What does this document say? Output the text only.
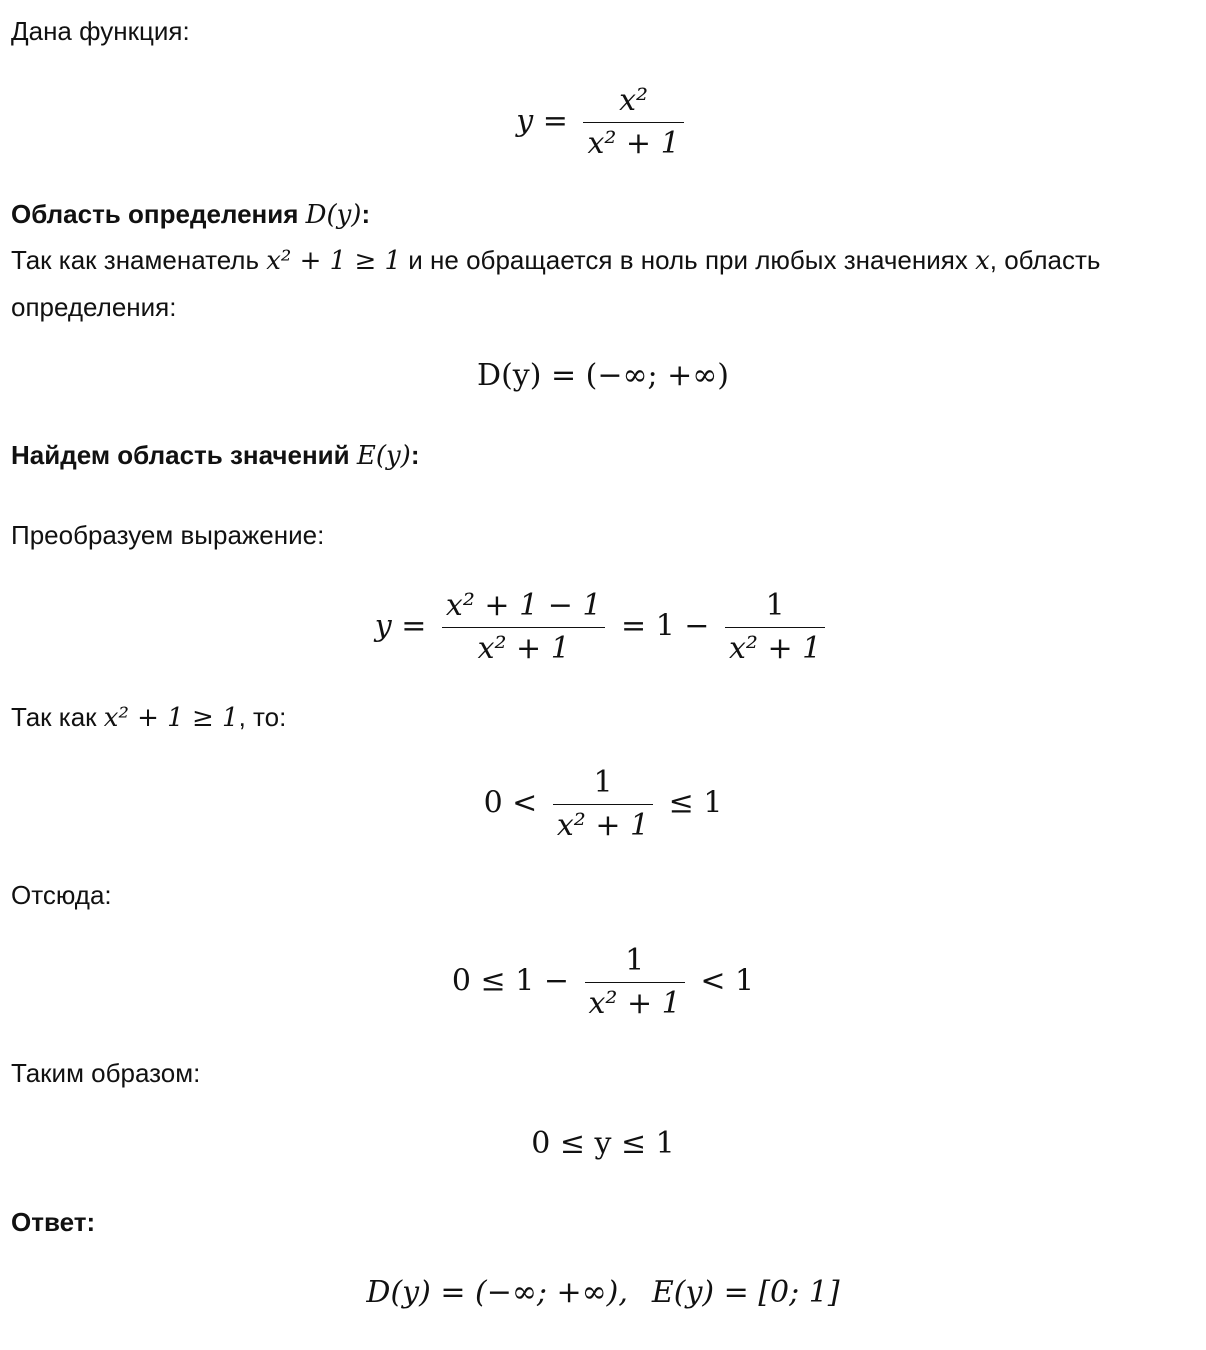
Дана функция:
$y = \frac{\text{x²}}{\text{x² + 1}}$
Область определения D(y):
Так как знаменатель x² + 1 ≥ 1 и не обращается в ноль при любых значениях x, область определения:
D(y) = (−∞; +∞)
Найдем область значений E(y):
Преобразуем выражение:
$y = \frac{\text{x² + 1 − 1}}{\text{x² + 1}} = 1 - \frac{1}{\text{x² + 1}}$
Так как x² + 1 ≥ 1, то:
$0 < \frac{1}{\text{x² + 1}} \le 1$
Отсюда:
$0 \le 1 - \frac{1}{\text{x² + 1}} < 1$
Таким образом:
0 ≤ y ≤ 1
Ответ:
D(y) = (−∞; +∞), E(y) = [0; 1]
